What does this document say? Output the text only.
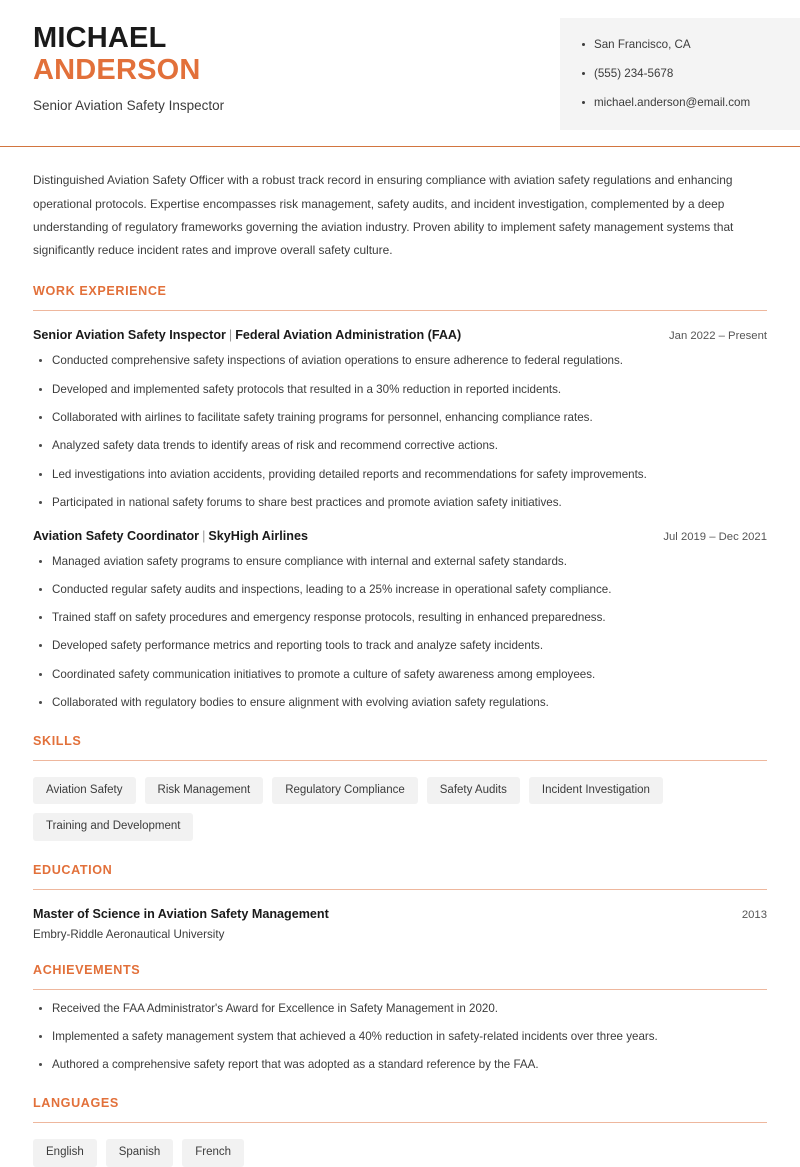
MICHAEL
ANDERSON
Senior Aviation Safety Inspector
San Francisco, CA
(555) 234-5678
michael.anderson@email.com

Distinguished Aviation Safety Officer with a robust track record in ensuring compliance with aviation safety regulations and enhancing operational protocols. Expertise encompasses risk management, safety audits, and incident investigation, complemented by a deep understanding of regulatory frameworks governing the aviation industry. Proven ability to implement safety management systems that significantly reduce incident rates and improve overall safety culture.

WORK EXPERIENCE
Senior Aviation Safety Inspector | Federal Aviation Administration (FAA)	Jan 2022 – Present
Conducted comprehensive safety inspections of aviation operations to ensure adherence to federal regulations.
Developed and implemented safety protocols that resulted in a 30% reduction in reported incidents.
Collaborated with airlines to facilitate safety training programs for personnel, enhancing compliance rates.
Analyzed safety data trends to identify areas of risk and recommend corrective actions.
Led investigations into aviation accidents, providing detailed reports and recommendations for safety improvements.
Participated in national safety forums to share best practices and promote aviation safety initiatives.
Aviation Safety Coordinator | SkyHigh Airlines	Jul 2019 – Dec 2021
Managed aviation safety programs to ensure compliance with internal and external safety standards.
Conducted regular safety audits and inspections, leading to a 25% increase in operational safety compliance.
Trained staff on safety procedures and emergency response protocols, resulting in enhanced preparedness.
Developed safety performance metrics and reporting tools to track and analyze safety incidents.
Coordinated safety communication initiatives to promote a culture of safety awareness among employees.
Collaborated with regulatory bodies to ensure alignment with evolving aviation safety regulations.
SKILLS
Aviation Safety	Risk Management	Regulatory Compliance	Safety Audits	Incident Investigation
Training and Development
EDUCATION
Master of Science in Aviation Safety Management	2013
Embry-Riddle Aeronautical University
ACHIEVEMENTS
Received the FAA Administrator's Award for Excellence in Safety Management in 2020.
Implemented a safety management system that achieved a 40% reduction in safety-related incidents over three years.
Authored a comprehensive safety report that was adopted as a standard reference by the FAA.
LANGUAGES
English	Spanish	French
